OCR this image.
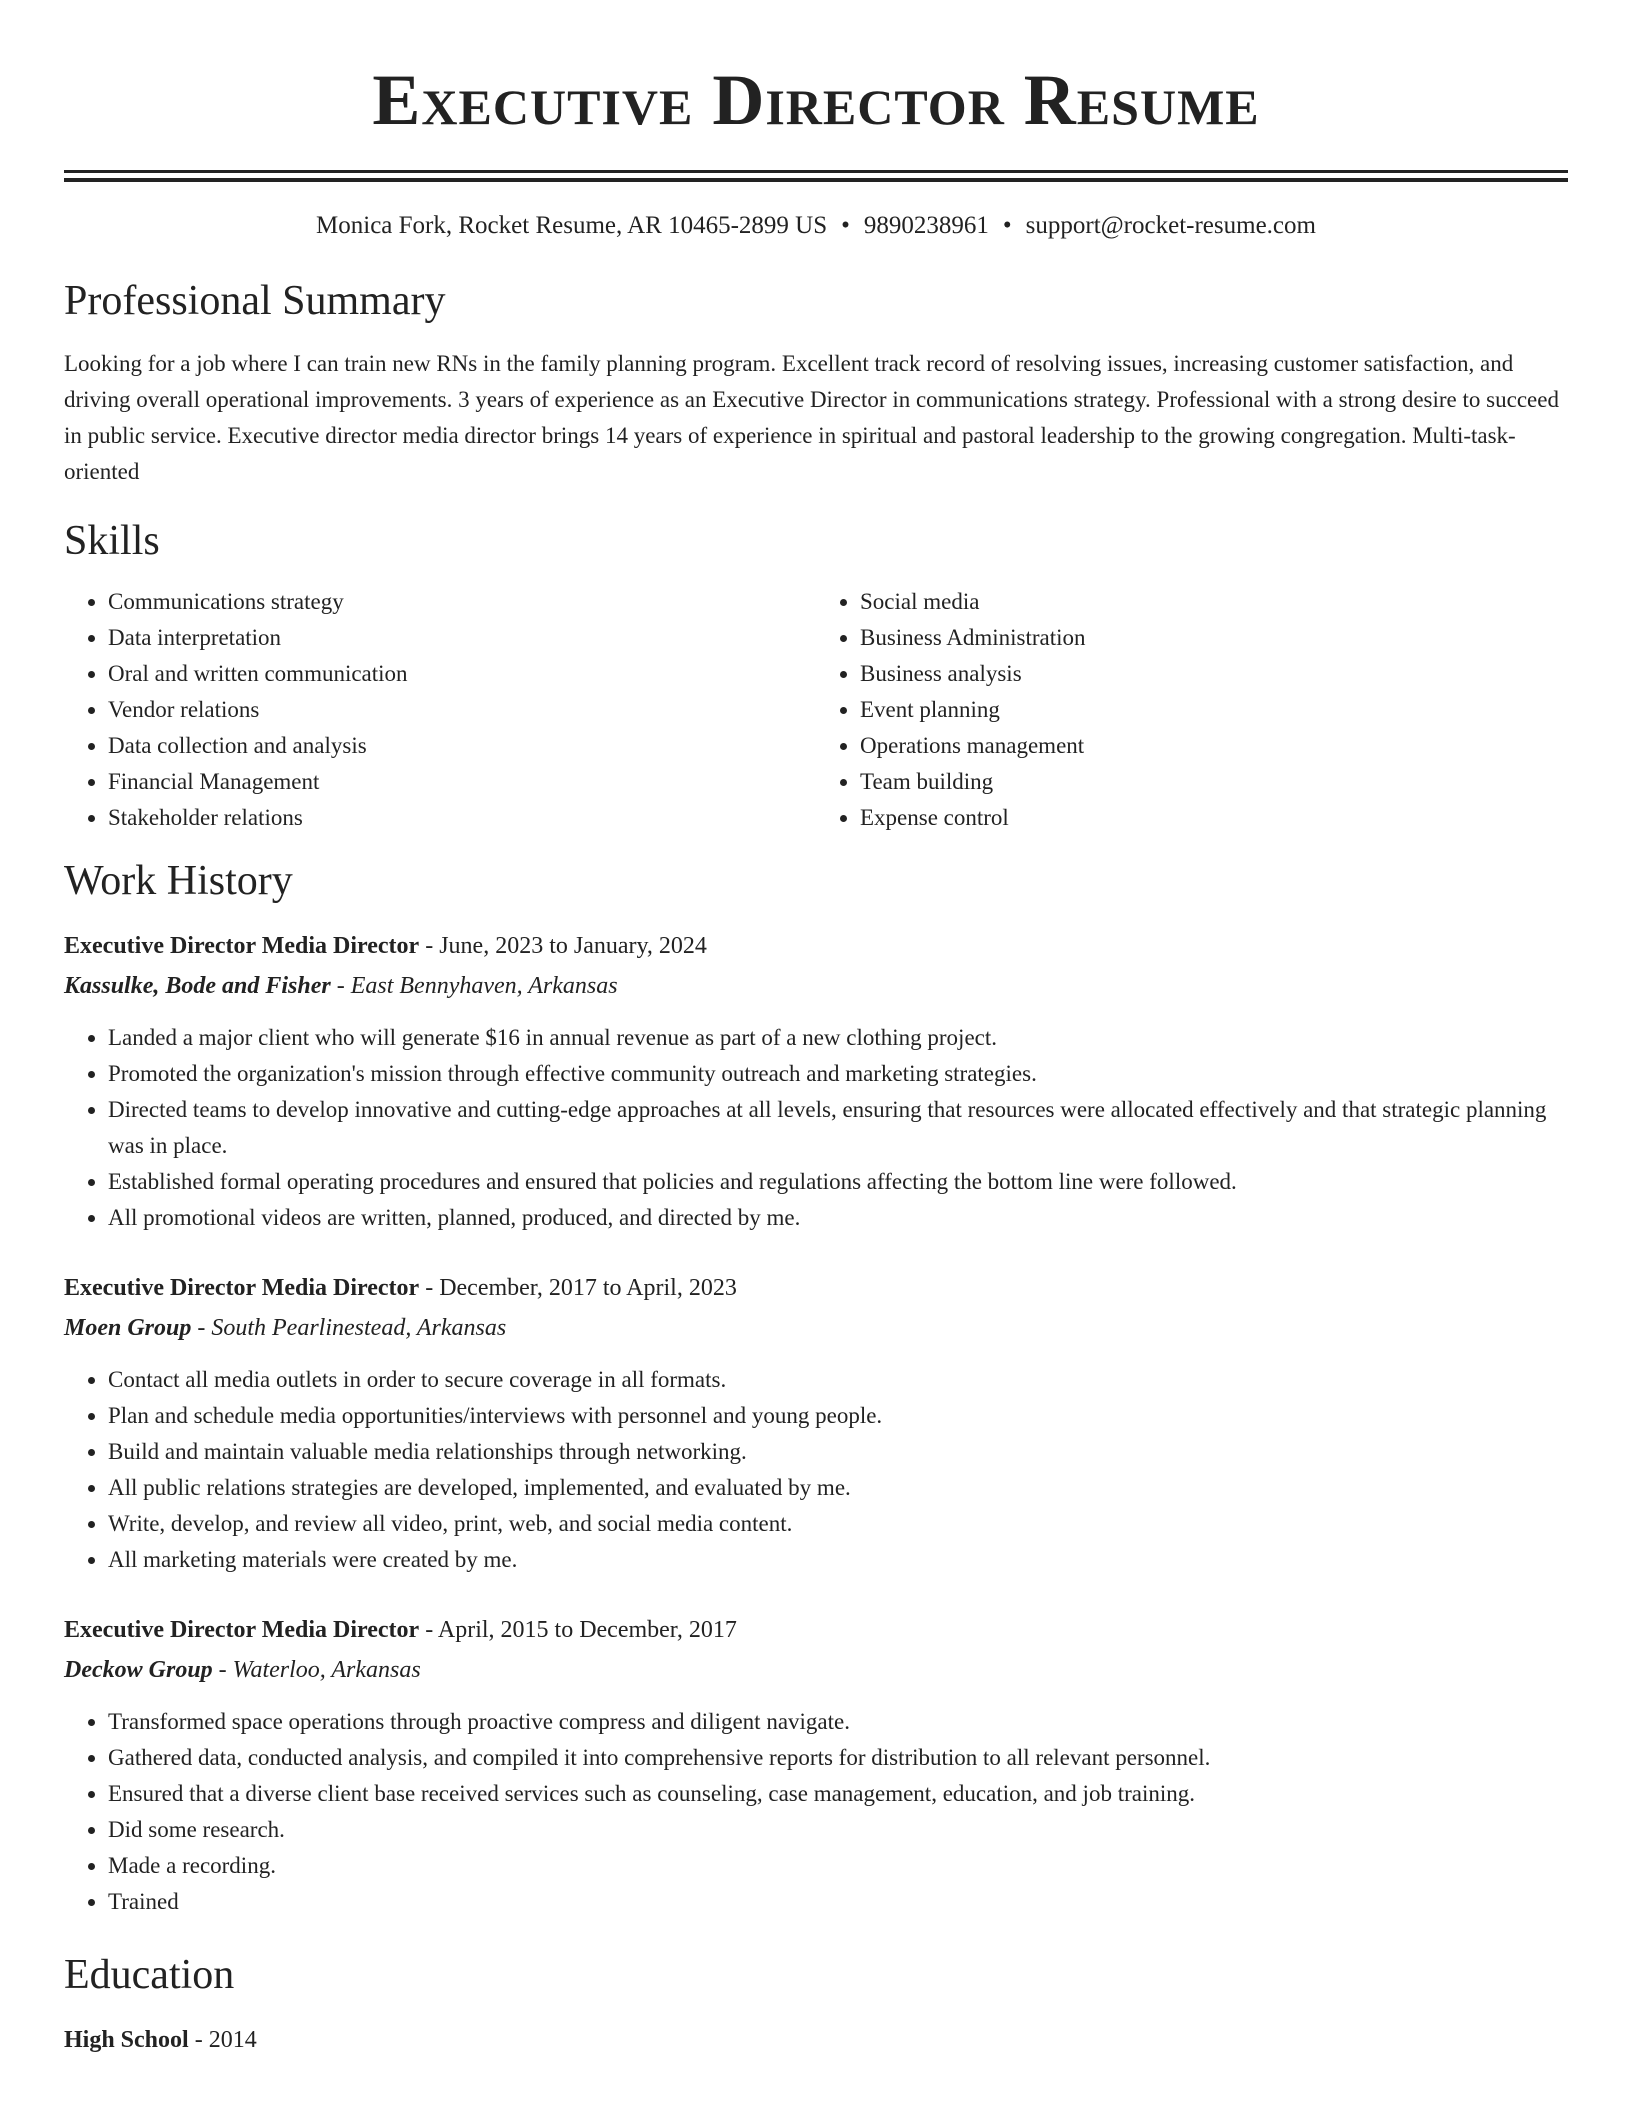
Executive Director Resume
Monica Fork, Rocket Resume, AR 10465-2899 US • 9890238961 • support@rocket-resume.com
Professional Summary
Looking for a job where I can train new RNs in the family planning program. Excellent track record of resolving issues, increasing customer satisfaction, and driving overall operational improvements. 3 years of experience as an Executive Director in communications strategy. Professional with a strong desire to succeed in public service. Executive director media director brings 14 years of experience in spiritual and pastoral leadership to the growing congregation. Multi-task-oriented
Skills
• Communications strategy
• Data interpretation
• Oral and written communication
• Vendor relations
• Data collection and analysis
• Financial Management
• Stakeholder relations
• Social media
• Business Administration
• Business analysis
• Event planning
• Operations management
• Team building
• Expense control
Work History
Executive Director Media Director - June, 2023 to January, 2024
Kassulke, Bode and Fisher - East Bennyhaven, Arkansas
• Landed a major client who will generate $16 in annual revenue as part of a new clothing project.
• Promoted the organization's mission through effective community outreach and marketing strategies.
• Directed teams to develop innovative and cutting-edge approaches at all levels, ensuring that resources were allocated effectively and that strategic planning was in place.
• Established formal operating procedures and ensured that policies and regulations affecting the bottom line were followed.
• All promotional videos are written, planned, produced, and directed by me.
Executive Director Media Director - December, 2017 to April, 2023
Moen Group - South Pearlinestead, Arkansas
• Contact all media outlets in order to secure coverage in all formats.
• Plan and schedule media opportunities/interviews with personnel and young people.
• Build and maintain valuable media relationships through networking.
• All public relations strategies are developed, implemented, and evaluated by me.
• Write, develop, and review all video, print, web, and social media content.
• All marketing materials were created by me.
Executive Director Media Director - April, 2015 to December, 2017
Deckow Group - Waterloo, Arkansas
• Transformed space operations through proactive compress and diligent navigate.
• Gathered data, conducted analysis, and compiled it into comprehensive reports for distribution to all relevant personnel.
• Ensured that a diverse client base received services such as counseling, case management, education, and job training.
• Did some research.
• Made a recording.
• Trained
Education
High School - 2014
